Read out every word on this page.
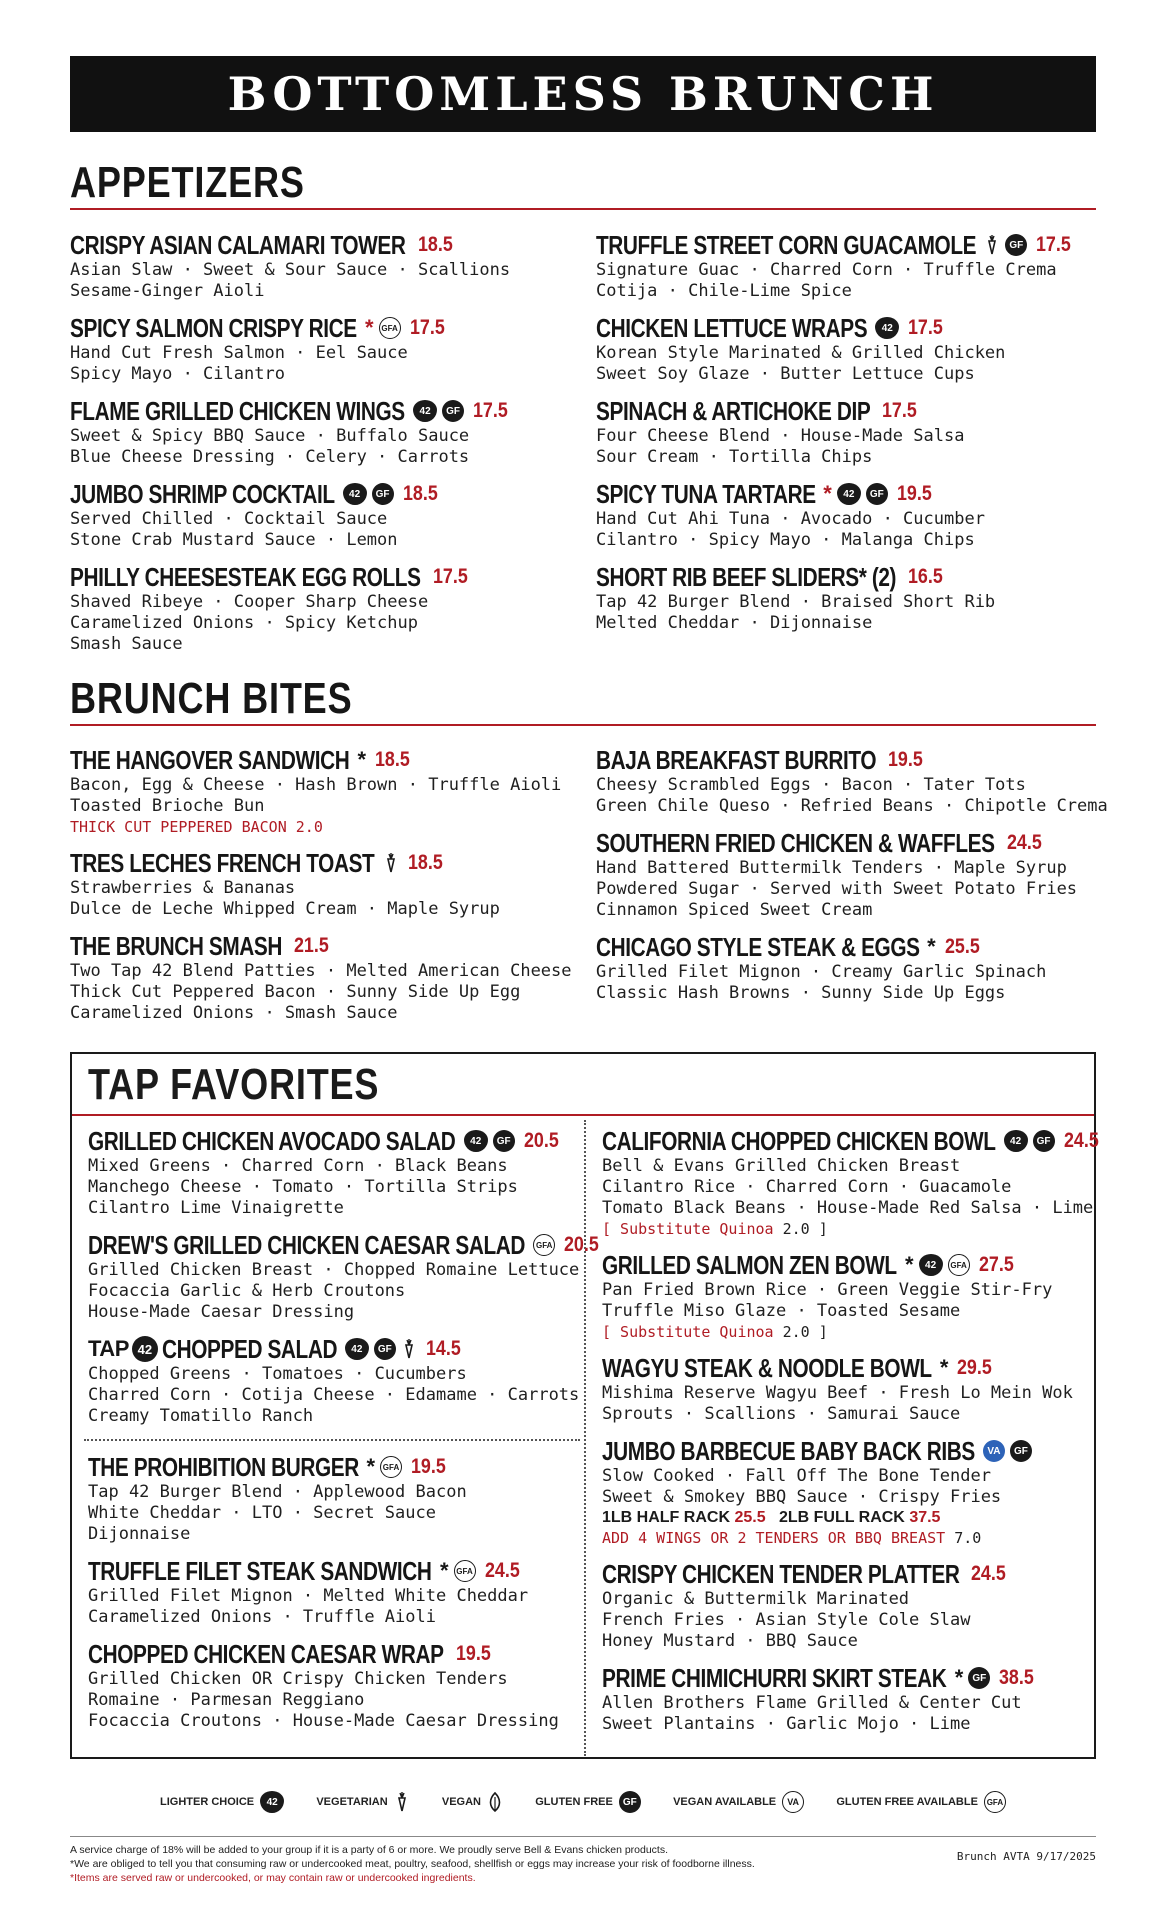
BOTTOMLESS BRUNCH
APPETIZERS
CRISPY ASIAN CALAMARI TOWER 18.5
Asian Slaw · Sweet & Sour Sauce · Scallions
Sesame-Ginger Aioli
SPICY SALMON CRISPY RICE * GFA 17.5
Hand Cut Fresh Salmon · Eel Sauce
Spicy Mayo · Cilantro
FLAME GRILLED CHICKEN WINGS	42	GF 17.5
Sweet & Spicy BBQ Sauce · Buffalo Sauce
Blue Cheese Dressing · Celery · Carrots
JUMBO SHRIMP COCKTAIL	42	GF 18.5
Served Chilled · Cocktail Sauce
Stone Crab Mustard Sauce · Lemon
PHILLY CHEESESTEAK EGG ROLLS 17.5
Shaved Ribeye · Cooper Sharp Cheese
Caramelized Onions · Spicy Ketchup
Smash Sauce
TRUFFLE STREET CORN GUACAMOLE	GF 17.5
Signature Guac · Charred Corn · Truffle Crema
Cotija · Chile-Lime Spice
CHICKEN LETTUCE WRAPS	42 17.5
Korean Style Marinated & Grilled Chicken
Sweet Soy Glaze · Butter Lettuce Cups
SPINACH & ARTICHOKE DIP 17.5
Four Cheese Blend · House-Made Salsa
Sour Cream · Tortilla Chips
SPICY TUNA TARTARE *	42	GF 19.5
Hand Cut Ahi Tuna · Avocado · Cucumber
Cilantro · Spicy Mayo · Malanga Chips
SHORT RIB BEEF SLIDERS* (2) 16.5
Tap 42 Burger Blend · Braised Short Rib
Melted Cheddar · Dijonnaise
BRUNCH BITES
THE HANGOVER SANDWICH * 18.5
Bacon, Egg & Cheese · Hash Brown · Truffle Aioli
Toasted Brioche Bun
THICK CUT PEPPERED BACON 2.0
TRES LECHES FRENCH TOAST 18.5
Strawberries & Bananas
Dulce de Leche Whipped Cream · Maple Syrup
THE BRUNCH SMASH 21.5
Two Tap 42 Blend Patties · Melted American Cheese
Thick Cut Peppered Bacon · Sunny Side Up Egg
Caramelized Onions · Smash Sauce
BAJA BREAKFAST BURRITO 19.5
Cheesy Scrambled Eggs · Bacon · Tater Tots
Green Chile Queso · Refried Beans · Chipotle Crema
SOUTHERN FRIED CHICKEN & WAFFLES 24.5
Hand Battered Buttermilk Tenders · Maple Syrup
Powdered Sugar · Served with Sweet Potato Fries
Cinnamon Spiced Sweet Cream
CHICAGO STYLE STEAK & EGGS * 25.5
Grilled Filet Mignon · Creamy Garlic Spinach
Classic Hash Browns · Sunny Side Up Eggs
TAP FAVORITES
GRILLED CHICKEN AVOCADO SALAD	42	GF 20.5
Mixed Greens · Charred Corn · Black Beans
Manchego Cheese · Tomato · Tortilla Strips
Cilantro Lime Vinaigrette
DREW'S GRILLED CHICKEN CAESAR SALAD	GFA 20.5
Grilled Chicken Breast · Chopped Romaine Lettuce
Focaccia Garlic & Herb Croutons
House-Made Caesar Dressing
TAP 42 CHOPPED SALAD	42	GF 14.5
Chopped Greens · Tomatoes · Cucumbers
Charred Corn · Cotija Cheese · Edamame · Carrots
Creamy Tomatillo Ranch
THE PROHIBITION BURGER * GFA 19.5
Tap 42 Burger Blend · Applewood Bacon
White Cheddar · LTO · Secret Sauce
Dijonnaise
TRUFFLE FILET STEAK SANDWICH * GFA 24.5
Grilled Filet Mignon · Melted White Cheddar
Caramelized Onions · Truffle Aioli
CHOPPED CHICKEN CAESAR WRAP 19.5
Grilled Chicken OR Crispy Chicken Tenders
Romaine · Parmesan Reggiano
Focaccia Croutons · House-Made Caesar Dressing
CALIFORNIA CHOPPED CHICKEN BOWL	42	GF 24.5
Bell & Evans Grilled Chicken Breast
Cilantro Rice · Charred Corn · Guacamole
Tomato Black Beans · House-Made Red Salsa · Lime
[ Substitute Quinoa 2.0 ]
GRILLED SALMON ZEN BOWL *	42	GFA 27.5
Pan Fried Brown Rice · Green Veggie Stir-Fry
Truffle Miso Glaze · Toasted Sesame
[ Substitute Quinoa 2.0 ]
WAGYU STEAK & NOODLE BOWL * 29.5
Mishima Reserve Wagyu Beef · Fresh Lo Mein Wok
Sprouts · Scallions · Samurai Sauce
JUMBO BARBECUE BABY BACK RIBS	VA	GF
Slow Cooked · Fall Off The Bone Tender
Sweet & Smokey BBQ Sauce · Crispy Fries
1LB HALF RACK 25.5 2LB FULL RACK 37.5
ADD 4 WINGS OR 2 TENDERS OR BBQ BREAST 7.0
CRISPY CHICKEN TENDER PLATTER 24.5
Organic & Buttermilk Marinated
French Fries · Asian Style Cole Slaw
Honey Mustard · BBQ Sauce
PRIME CHIMICHURRI SKIRT STEAK * GF 38.5
Allen Brothers Flame Grilled & Center Cut
Sweet Plantains · Garlic Mojo · Lime
LIGHTER CHOICE	42	VEGETARIAN	VEGAN	GLUTEN FREE	GF	VEGAN AVAILABLE	VA	GLUTEN FREE AVAILABLE	GFA
A service charge of 18% will be added to your group if it is a party of 6 or more. We proudly serve Bell & Evans chicken products.
*We are obliged to tell you that consuming raw or undercooked meat, poultry, seafood, shellfish or eggs may increase your risk of foodborne illness.
*Items are served raw or undercooked, or may contain raw or undercooked ingredients.
Brunch AVTA 9/17/2025
